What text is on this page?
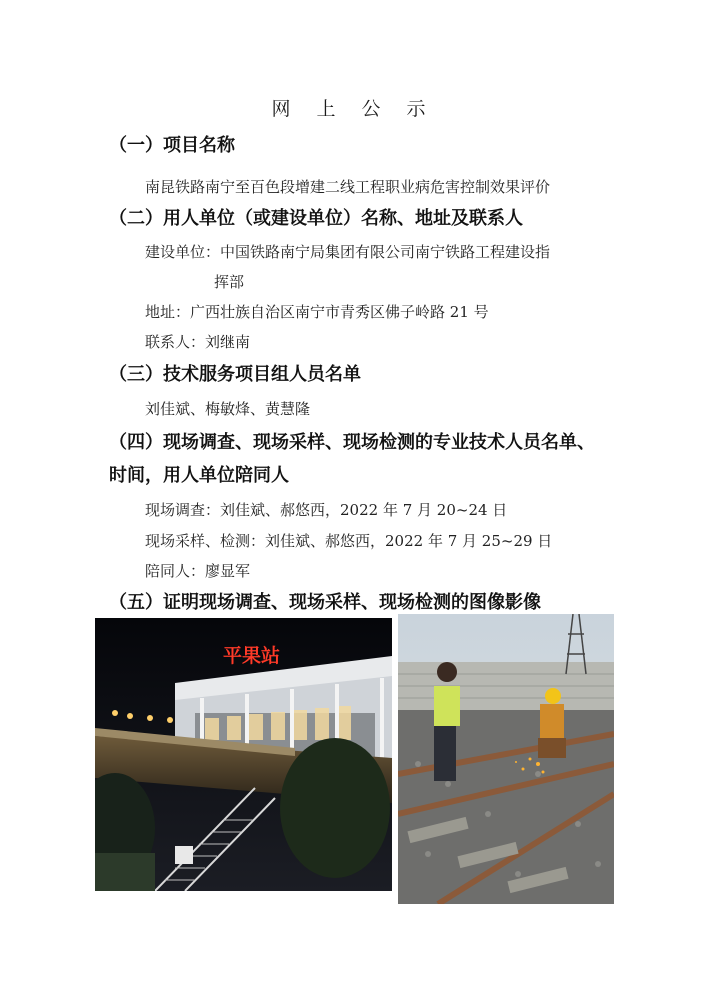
网 上 公 示
（一）项目名称
南昆铁路南宁至百色段增建二线工程职业病危害控制效果评价
（二）用人单位（或建设单位）名称、地址及联系人
建设单位：中国铁路南宁局集团有限公司南宁铁路工程建设指
挥部
地址：广西壮族自治区南宁市青秀区佛子岭路 21 号
联系人：刘继南
（三）技术服务项目组人员名单
刘佳斌、梅敏烽、黄慧隆
（四）现场调查、现场采样、现场检测的专业技术人员名单、
时间，用人单位陪同人
现场调查：刘佳斌、郝悠西，2022 年 7 月 20~24 日
现场采样、检测：刘佳斌、郝悠西，2022 年 7 月 25~29 日
陪同人：廖显军
（五）证明现场调查、现场采样、现场检测的图像影像
平果站
